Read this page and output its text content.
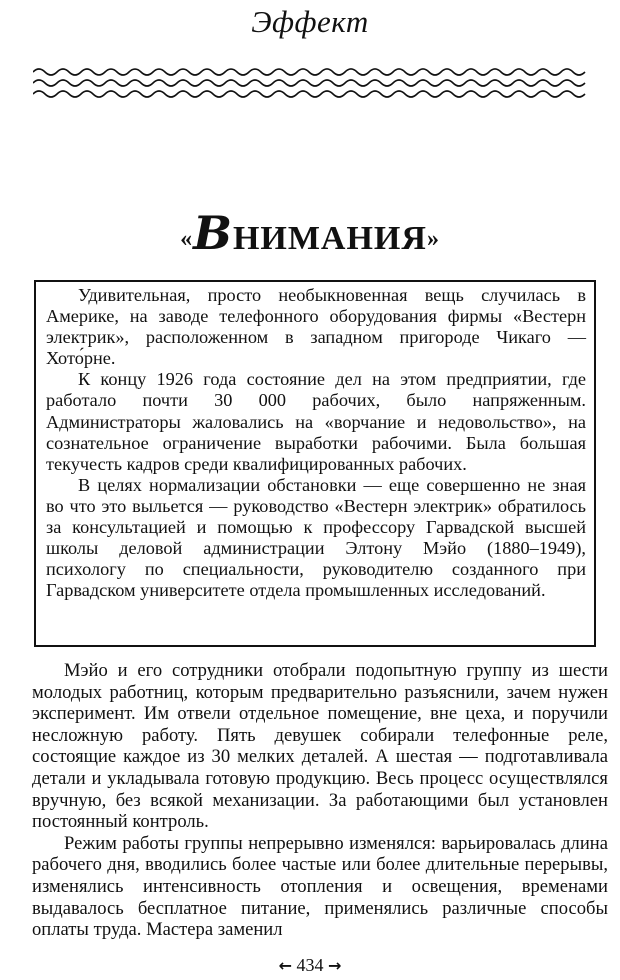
Эффект
«ВНИМАНИЯ»

Удивительная, просто необыкновенная вещь случилась в Америке, на заводе телефонного оборудования фирмы «Вестерн электрик», расположенном в западном пригороде Чикаго — Хото́рне.

К концу 1926 года состояние дел на этом предприятии, где работало почти 30 000 рабочих, было напряженным. Администраторы жаловались на «ворчание и недовольство», на сознательное ограничение выработки рабочими. Была большая текучесть кадров среди квалифицированных рабочих.

В целях нормализации обстановки — еще совершенно не зная во что это выльется — руководство «Вестерн электрик» обратилось за консультацией и помощью к профессору Гарвадской высшей школы деловой администрации Элтону Мэйо (1880–1949), психологу по специальности, руководителю созданного при Гарвадском университете отдела промышленных исследований.

Мэйо и его сотрудники отобрали подопытную группу из шести молодых работниц, которым предварительно разъяснили, зачем нужен эксперимент. Им отвели отдельное помещение, вне цеха, и поручили несложную работу. Пять девушек собирали телефонные реле, состоящие каждое из 30 мелких деталей. А шестая — подготавливала детали и укладывала готовую продукцию. Весь процесс осуществлялся вручную, без всякой механизации. За работающими был установлен постоянный контроль.

Режим работы группы непрерывно изменялся: варьировалась длина рабочего дня, вводились более частые или более длительные перерывы, изменялись интенсивность отопления и освещения, временами выдавалось бесплатное питание, применялись различные способы оплаты труда. Мастера заменил

← 434 →
